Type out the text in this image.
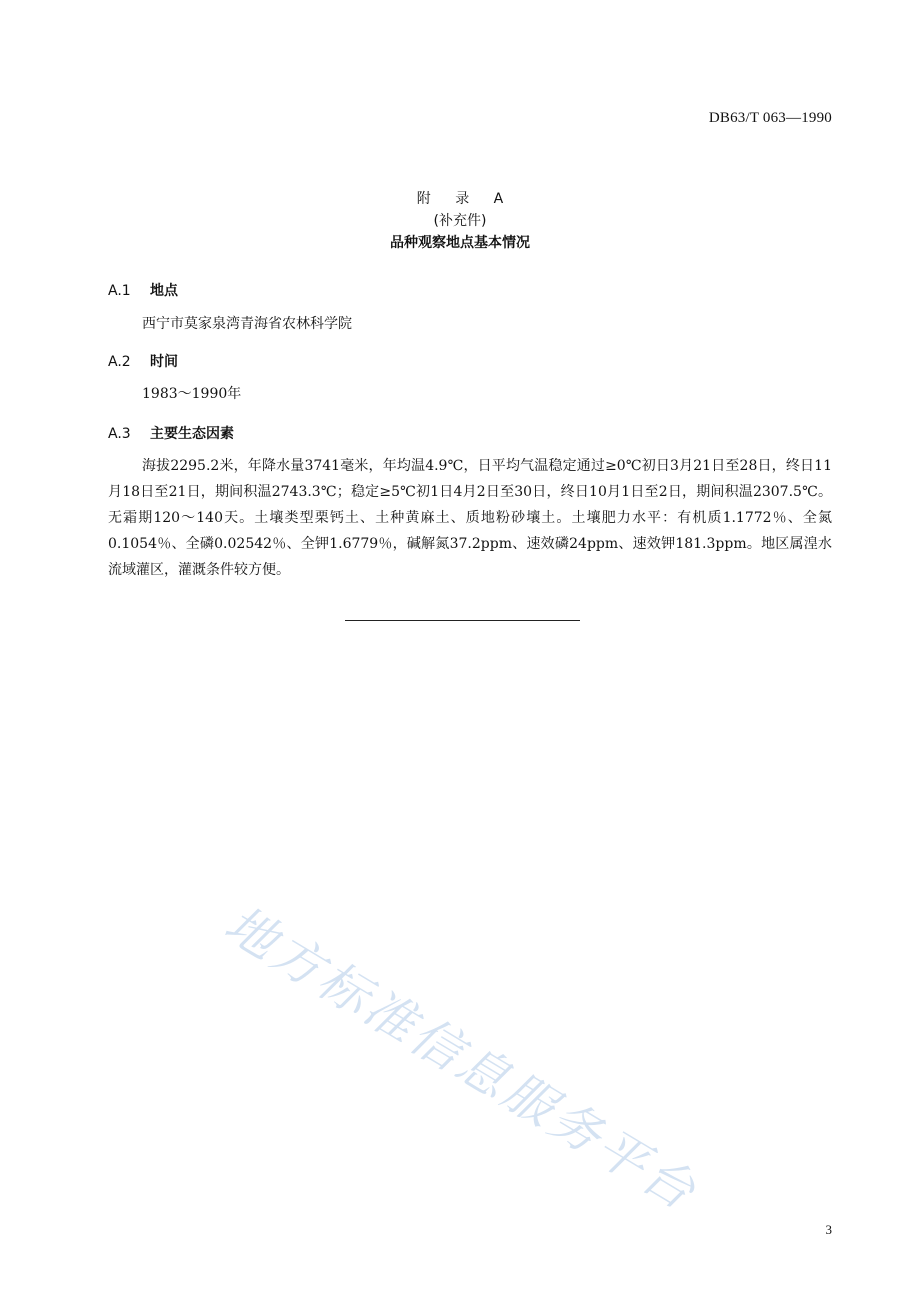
DB63/T 063—1990
附 录 A
(补充件)
品种观察地点基本情况
A.1 地点
西宁市莫家泉湾青海省农林科学院
A.2 时间
1983～1990年
A.3 主要生态因素
海拔2295.2米，年降水量3741毫米，年均温4.9℃，日平均气温稳定通过≥0℃初日3月21日至28日，终日11月18日至21日，期间积温2743.3℃；稳定≥5℃初1日4月2日至30日，终日10月1日至2日，期间积温2307.5℃。无霜期120～140天。土壤类型栗钙土、土种黄麻土、质地粉砂壤土。土壤肥力水平：有机质1.1772％、全氮0.1054％、全磷0.02542％、全钾1.6779％，碱解氮37.2ppm、速效磷24ppm、速效钾181.3ppm。地区属湟水流域灌区，灌溉条件较方便。
地方标准信息服务平台
3
